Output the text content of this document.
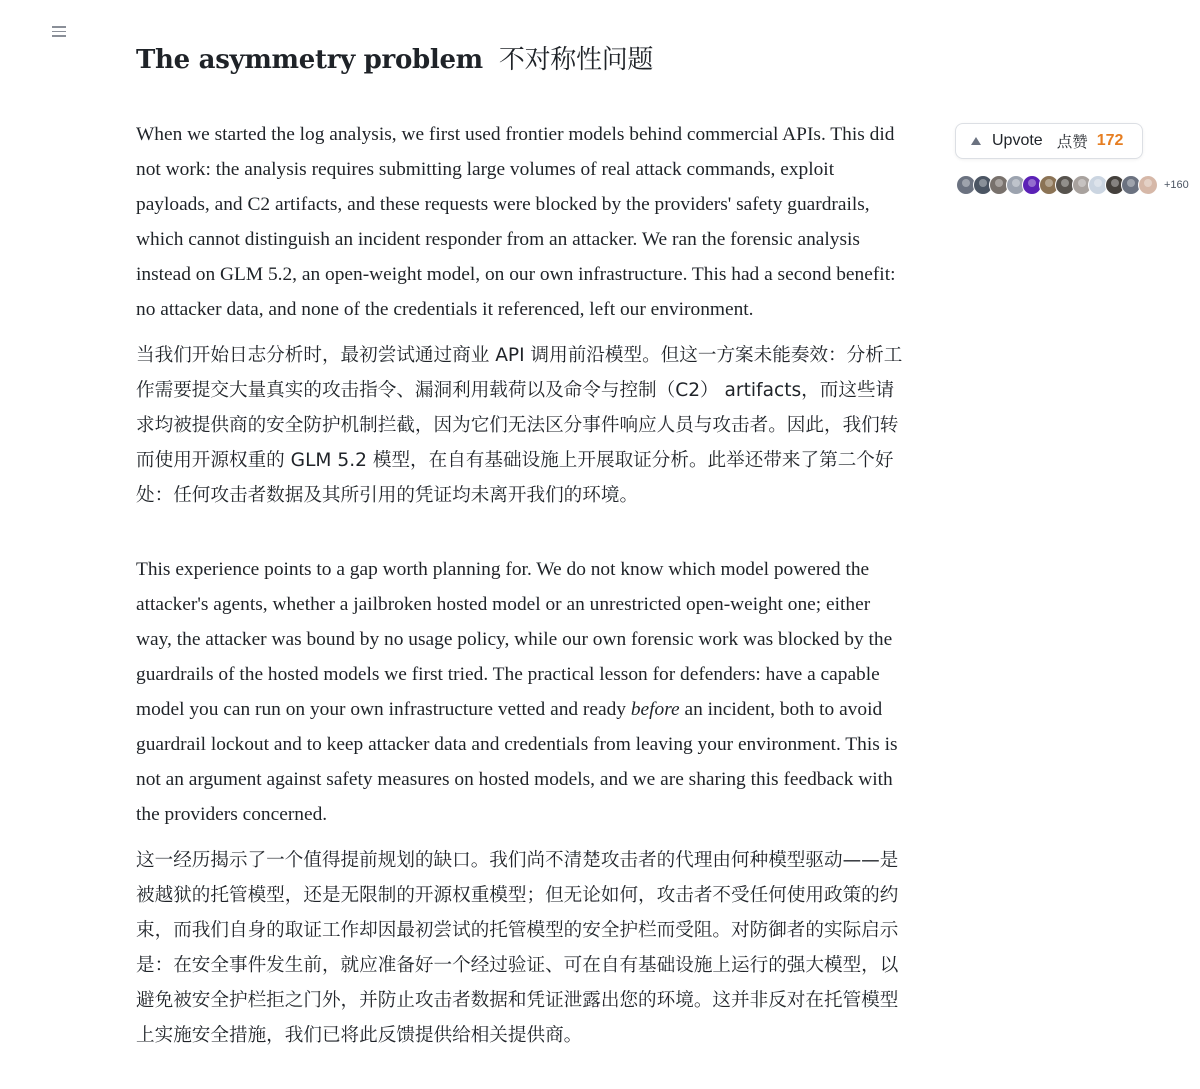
The asymmetry problem 不对称性问题

When we started the log analysis, we first used frontier models behind commercial APIs. This did not work: the analysis requires submitting large volumes of real attack commands, exploit payloads, and C2 artifacts, and these requests were blocked by the providers' safety guardrails, which cannot distinguish an incident responder from an attacker. We ran the forensic analysis instead on GLM 5.2, an open-weight model, on our own infrastructure. This had a second benefit: no attacker data, and none of the credentials it referenced, left our environment.

当我们开始日志分析时，最初尝试通过商业 API 调用前沿模型。但这一方案未能奏效：分析工作需要提交大量真实的攻击指令、漏洞利用载荷以及命令与控制（C2） artifacts，而这些请求均被提供商的安全防护机制拦截，因为它们无法区分事件响应人员与攻击者。因此，我们转而使用开源权重的 GLM 5.2 模型，在自有基础设施上开展取证分析。此举还带来了第二个好处：任何攻击者数据及其所引用的凭证均未离开我们的环境。

This experience points to a gap worth planning for. We do not know which model powered the attacker's agents, whether a jailbroken hosted model or an unrestricted open-weight one; either way, the attacker was bound by no usage policy, while our own forensic work was blocked by the guardrails of the hosted models we first tried. The practical lesson for defenders: have a capable model you can run on your own infrastructure vetted and ready before an incident, both to avoid guardrail lockout and to keep attacker data and credentials from leaving your environment. This is not an argument against safety measures on hosted models, and we are sharing this feedback with the providers concerned.

这一经历揭示了一个值得提前规划的缺口。我们尚不清楚攻击者的代理由何种模型驱动——是被越狱的托管模型，还是无限制的开源权重模型；但无论如何，攻击者不受任何使用政策的约束，而我们自身的取证工作却因最初尝试的托管模型的安全护栏而受阻。对防御者的实际启示是：在安全事件发生前，就应准备好一个经过验证、可在自有基础设施上运行的强大模型，以避免被安全护栏拒之门外，并防止攻击者数据和凭证泄露出您的环境。这并非反对在托管模型上实施安全措施，我们已将此反馈提供给相关提供商。

Upvote 点赞 172
+160
